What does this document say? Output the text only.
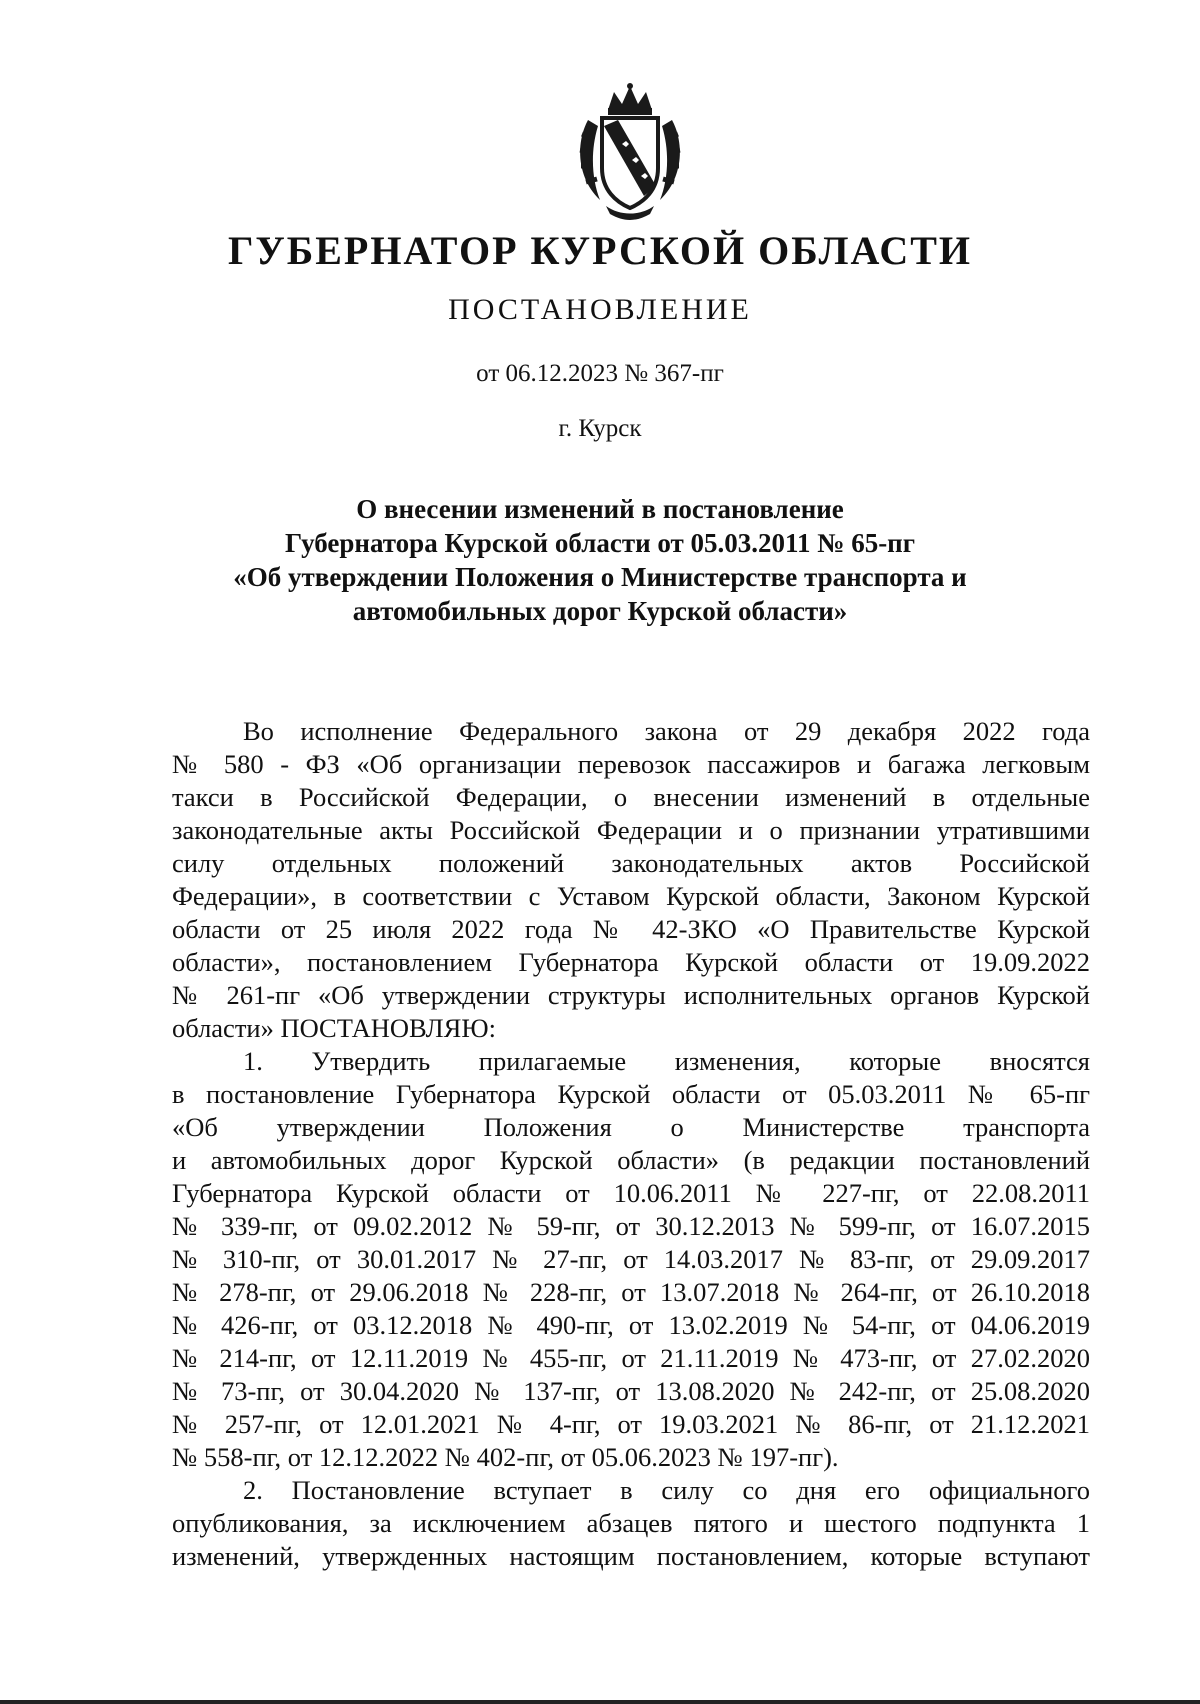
ГУБЕРНАТОР КУРСКОЙ ОБЛАСТИ
ПОСТАНОВЛЕНИЕ
от 06.12.2023 № 367-пг
г. Курск
О внесении изменений в постановление
Губернатора Курской области от 05.03.2011 № 65-пг
«Об утверждении Положения о Министерстве транспорта и
автомобильных дорог Курской области»
Во исполнение Федерального закона от 29 декабря 2022 года
№ 580 - ФЗ «Об организации перевозок пассажиров и багажа легковым
такси в Российской Федерации, о внесении изменений в отдельные
законодательные акты Российской Федерации и о признании утратившими
силу отдельных положений законодательных актов Российской
Федерации», в соответствии с Уставом Курской области, Законом Курской
области от 25 июля 2022 года № 42-ЗКО «О Правительстве Курской
области», постановлением Губернатора Курской области от 19.09.2022
№ 261-пг «Об утверждении структуры исполнительных органов Курской
области» ПОСТАНОВЛЯЮ:
1. Утвердить прилагаемые изменения, которые вносятся
в постановление Губернатора Курской области от 05.03.2011 № 65-пг
«Об утверждении Положения о Министерстве транспорта
и автомобильных дорог Курской области» (в редакции постановлений
Губернатора Курской области от 10.06.2011 № 227-пг, от 22.08.2011
№ 339-пг, от 09.02.2012 № 59-пг, от 30.12.2013 № 599-пг, от 16.07.2015
№ 310-пг, от 30.01.2017 № 27-пг, от 14.03.2017 № 83-пг, от 29.09.2017
№ 278-пг, от 29.06.2018 № 228-пг, от 13.07.2018 № 264-пг, от 26.10.2018
№ 426-пг, от 03.12.2018 № 490-пг, от 13.02.2019 № 54-пг, от 04.06.2019
№ 214-пг, от 12.11.2019 № 455-пг, от 21.11.2019 № 473-пг, от 27.02.2020
№ 73-пг, от 30.04.2020 № 137-пг, от 13.08.2020 № 242-пг, от 25.08.2020
№ 257-пг, от 12.01.2021 № 4-пг, от 19.03.2021 № 86-пг, от 21.12.2021
№ 558-пг, от 12.12.2022 № 402-пг, от 05.06.2023 № 197-пг).
2. Постановление вступает в силу со дня его официального
опубликования, за исключением абзацев пятого и шестого подпункта 1
изменений, утвержденных настоящим постановлением, которые вступают
